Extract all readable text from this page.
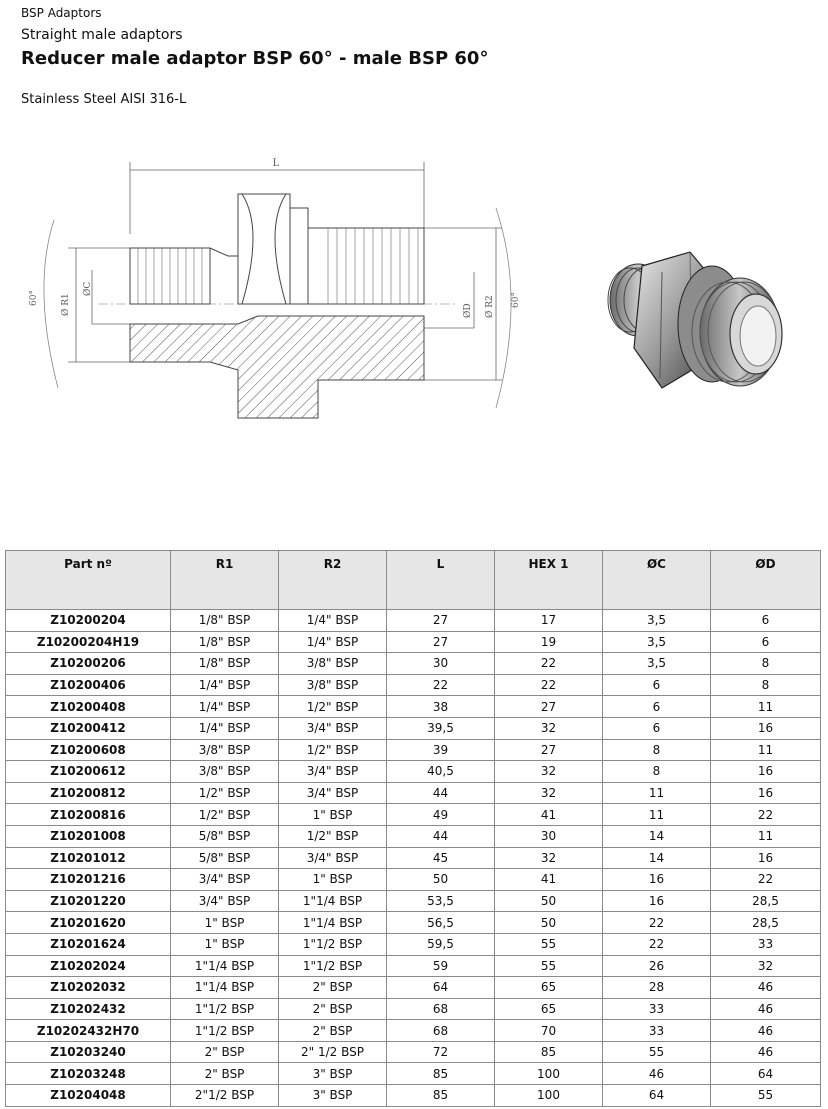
BSP Adaptors
Straight male adaptors
Reducer male adaptor BSP 60° - male BSP 60°
Stainless Steel AISI 316-L
L
60°	60°
Ø R1
ØC
ØD Ø R2
Part nº	R1	R2	L	HEX 1	ØC	ØD
Z10200204	1/8" BSP	1/4" BSP	27	17	3,5	6
Z10200204H19	1/8" BSP	1/4" BSP	27	19	3,5	6
Z10200206	1/8" BSP	3/8" BSP	30	22	3,5	8
Z10200406	1/4" BSP	3/8" BSP	22	22	6	8
Z10200408	1/4" BSP	1/2" BSP	38	27	6	11
Z10200412	1/4" BSP	3/4" BSP	39,5	32	6	16
Z10200608	3/8" BSP	1/2" BSP	39	27	8	11
Z10200612	3/8" BSP	3/4" BSP	40,5	32	8	16
Z10200812	1/2" BSP	3/4" BSP	44	32	11	16
Z10200816	1/2" BSP	1" BSP	49	41	11	22
Z10201008	5/8" BSP	1/2" BSP	44	30	14	11
Z10201012	5/8" BSP	3/4" BSP	45	32	14	16
Z10201216	3/4" BSP	1" BSP	50	41	16	22
Z10201220	3/4" BSP	1"1/4 BSP	53,5	50	16	28,5
Z10201620	1" BSP	1"1/4 BSP	56,5	50	22	28,5
Z10201624	1" BSP	1"1/2 BSP	59,5	55	22	33
Z10202024	1"1/4 BSP	1"1/2 BSP	59	55	26	32
Z10202032	1"1/4 BSP	2" BSP	64	65	28	46
Z10202432	1"1/2 BSP	2" BSP	68	65	33	46
Z10202432H70	1"1/2 BSP	2" BSP	68	70	33	46
Z10203240	2" BSP	2" 1/2 BSP	72	85	55	46
Z10203248	2" BSP	3" BSP	85	100	46	64
Z10204048	2"1/2 BSP	3" BSP	85	100	64	55
